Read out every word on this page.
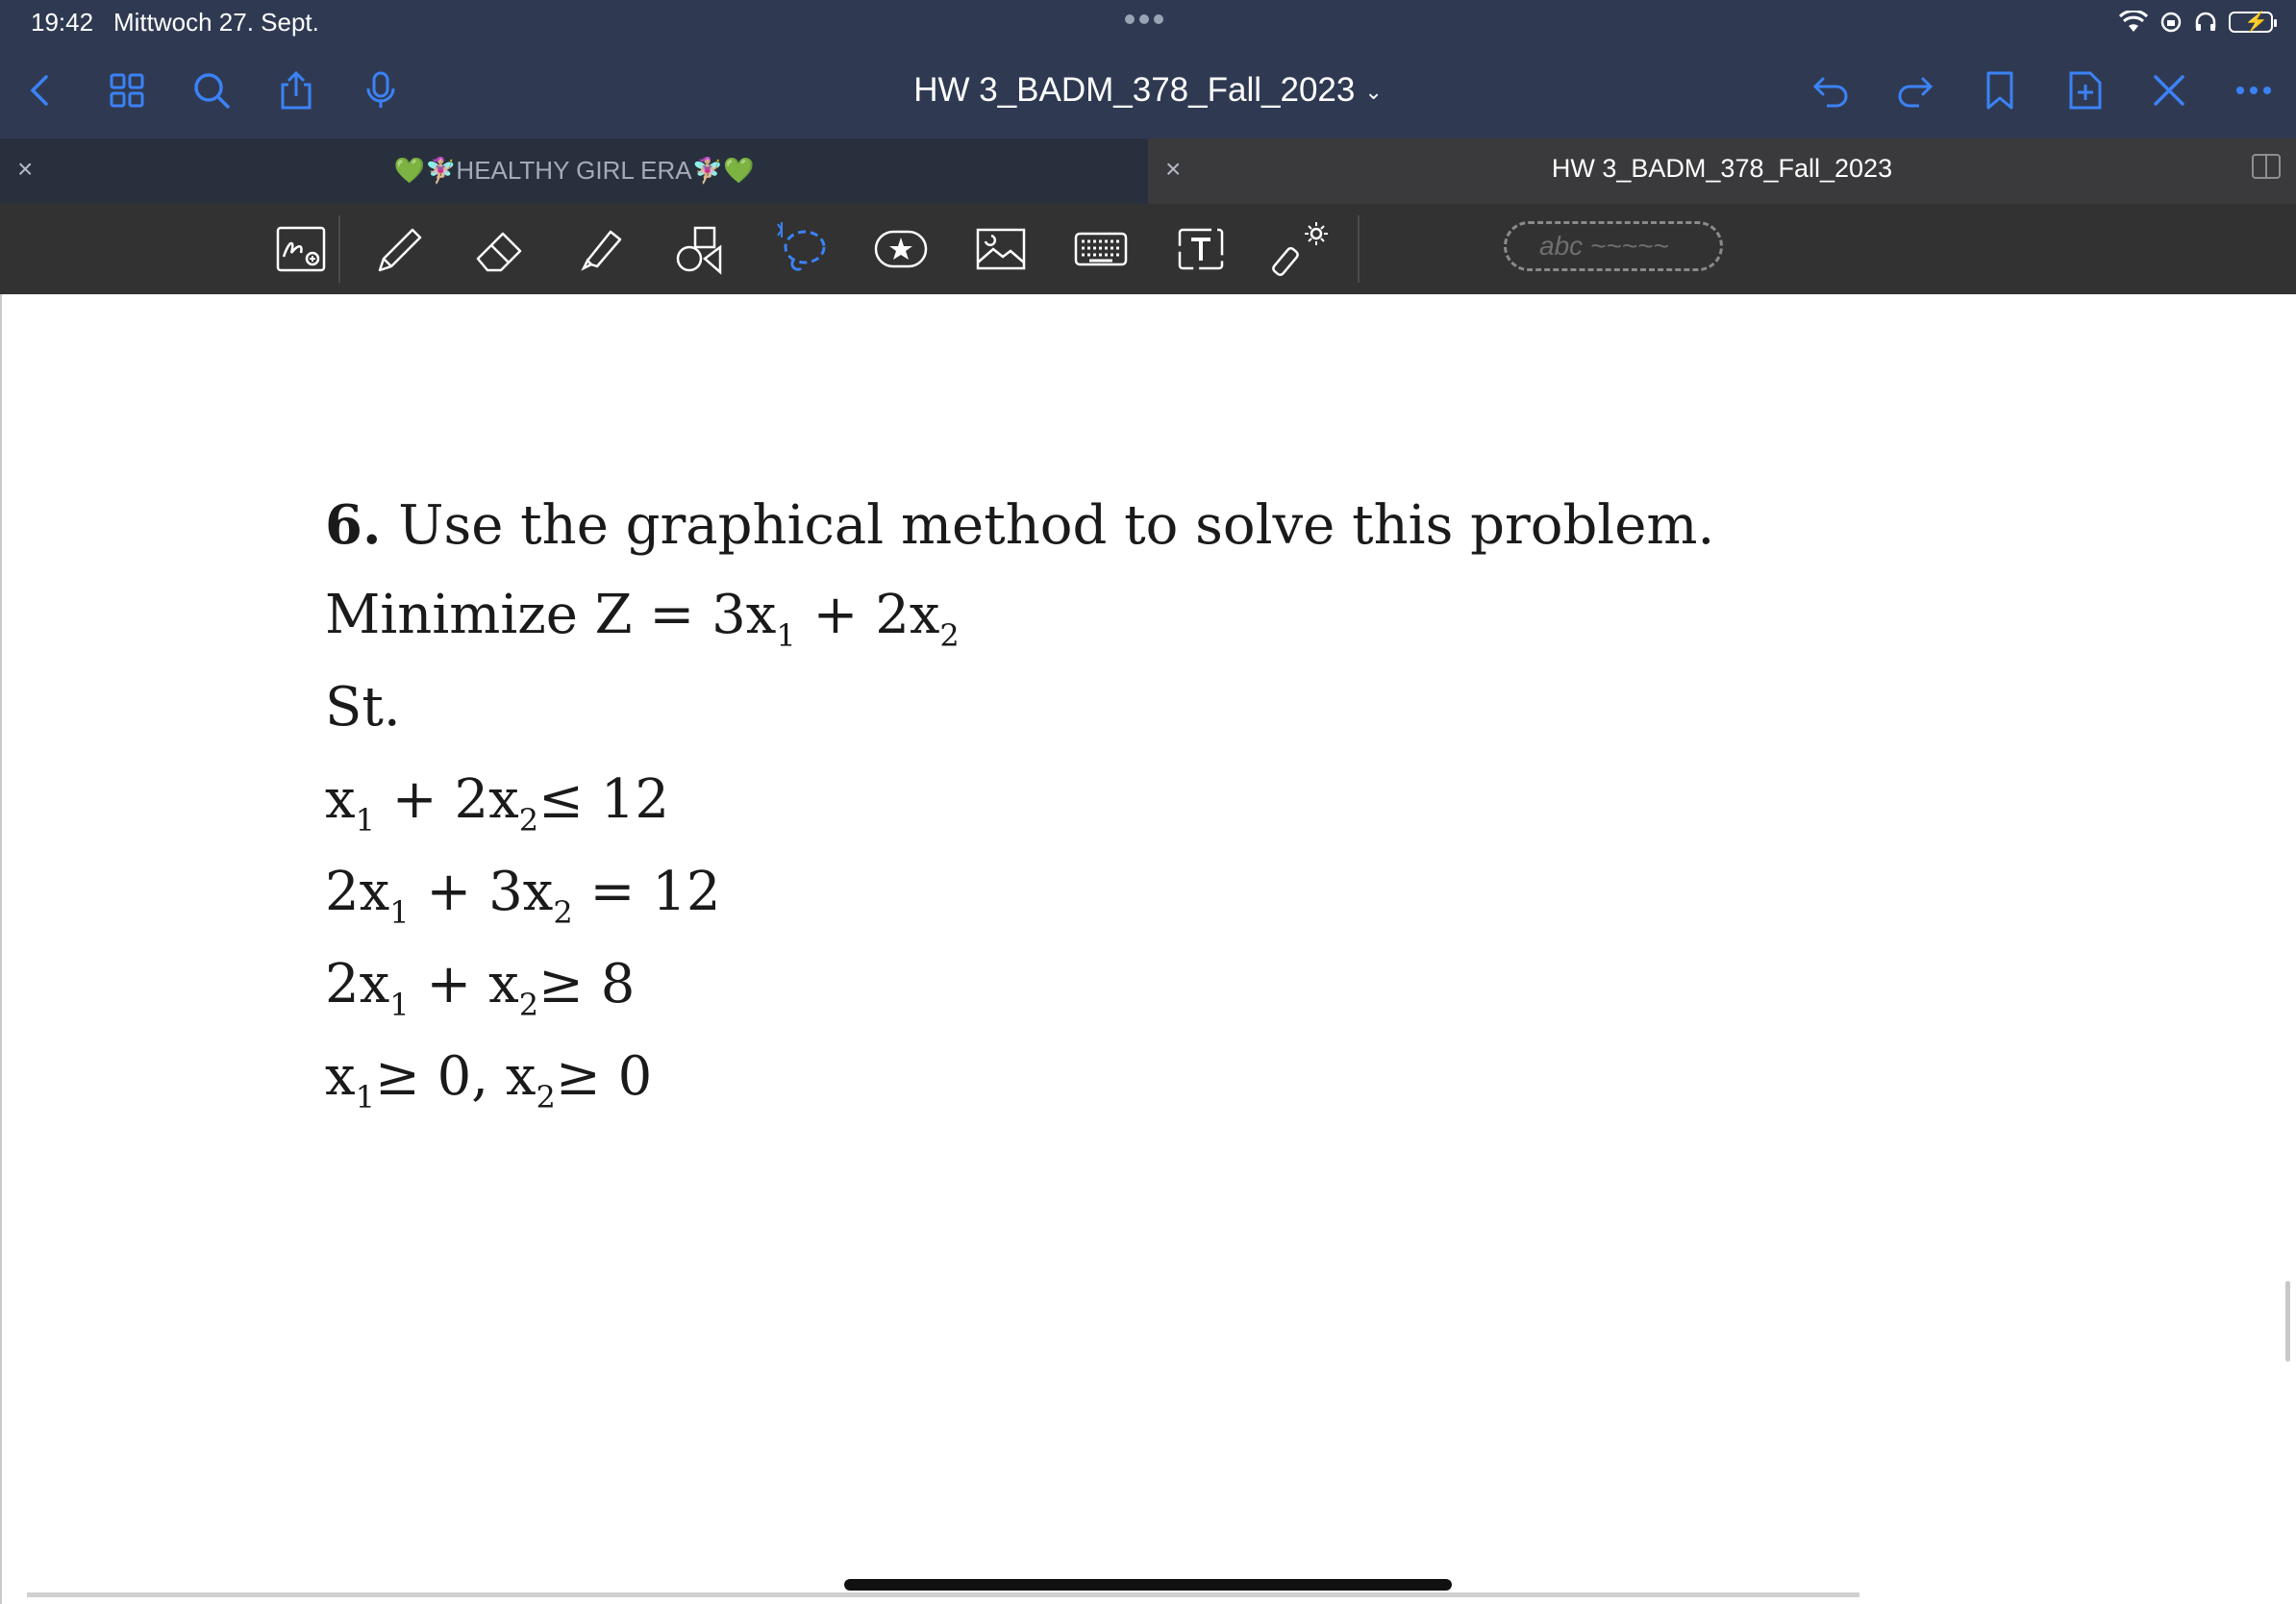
19:42 Mittwoch 27. Sept.	⚡
HW 3_BADM_378_Fall_2023 ⌄
×	💚🧚🏼‍♀️HEALTHY GIRL ERA🧚🏼‍♀️💚	×	HW 3_BADM_378_Fall_2023
abc ~~~~~
6. Use the graphical method to solve this problem.
Minimize $Z = 3x_1 + 2x_2$
St.
$x_1 + 2x_2\le 12$
$2x_1 + 3x_2 = 12$
$2x_1 + x_2\ge 8$
$x_1\ge 0$, $x_2\ge 0$
